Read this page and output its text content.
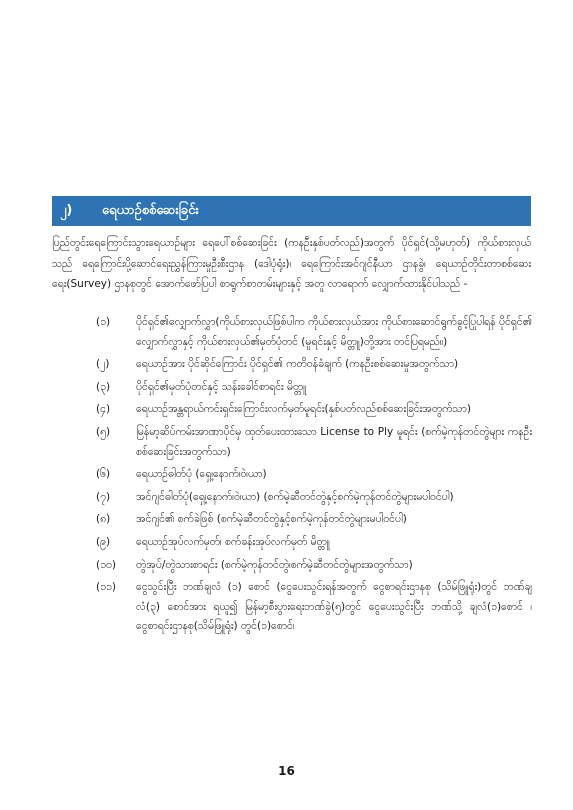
၂)	ရေယာဉ်စစ်ဆေးခြင်း

ပြည်တွင်းရေကြောင်းသွားရေယာဉ်များ ရေပေါ်စစ်ဆေးခြင်း (ကနဦးနှစ်ပတ်လည်)အတွက် ပိုင်ရှင်(သို့မဟုတ်) ကိုယ်စားလှယ်သည် ရေကြောင်းပို့ဆောင်ရေးညွှန်ကြားမှုဦးစီးဌာန (ဒေါပုံရုံး)၊ ရေကြောင်းအင်ဂျင်နီယာ ဌာနခွဲ၊ ရေယာဉ်တိုင်းတာစစ်ဆေးရေး(Survey) ဌာနစုတွင် အောက်ဖော်ပြပါ စာရွက်စာတမ်းများနှင့် အတူ လာရောက် လျှောက်ထားနိုင်ပါသည် -

(၁)	ပိုင်ရှင်၏လျှောက်လွှာ(ကိုယ်စားလှယ်ဖြစ်ပါက ကိုယ်စားလှယ်အား ကိုယ်စားဆောင်ရွက်ခွင့်ပြုပါရန် ပိုင်ရှင်၏ လျှောက်လွှာနှင့် ကိုယ်စားလှယ်၏မှတ်ပုံတင် (မူရင်းနှင့် မိတ္တူ)တို့အား တင်ပြရမည်။)
(၂)	ရေယာဉ်အား ပိုင်ဆိုင်ကြောင်း ပိုင်ရှင်၏ ကတိဝန်ခံချက် (ကနဦးစစ်ဆေးမှုအတွက်သာ)
(၃)	ပိုင်ရှင်၏မှတ်ပုံတင်နှင့် သန်းခေါင်စာရင်း မိတ္တူ
(၄)	ရေယာဉ်အန္တရာယ်ကင်းရှင်းကြောင်းလက်မှတ်မူရင်း(နှစ်ပတ်လည်စစ်ဆေးခြင်းအတွက်သာ)
(၅)	မြန်မာ့ဆိပ်ကမ်းအာဏာပိုင်မှ ထုတ်ပေးထားသော License to Ply မူရင်း (စက်မဲ့ကုန်တင်တွဲများ ကနဦးစစ်ဆေးခြင်းအတွက်သာ)
(၆)	ရေယာဉ်ဓါတ်ပုံ (ရှေ့၊နောက်၊ဝဲ၊ယာ)
(၇)	အင်ဂျင်ဓါတ်ပုံ(ရှေ့၊နောက်၊ဝဲ၊ယာ) (စက်မဲ့ဆီတင်တွဲနှင့်စက်မဲ့ကုန်တင်တွဲများမပါဝင်ပါ)
(၈)	အင်ဂျင်၏ စက်ခဲဖြစ် (စက်မဲ့ဆီတင်တွဲနှင့်စက်မဲ့ကုန်တင်တွဲများမပါဝင်ပါ)
(၉)	ရေယာဉ်အုပ်လက်မှတ်၊ စက်ခန်းအုပ်လက်မှတ် မိတ္တူ
(၁၀)	တွဲအုပ်/တွဲသားစာရင်း (စက်မဲ့ကုန်တင်တွဲ၊စက်မဲ့ဆီတင်တွဲများအတွက်သာ)
(၁၁)	ငွေသွင်းပြီး ဘဏ်ချလံ (၁) စောင် (ငွေပေးသွင်းရန်အတွက် ငွေစာရင်းဌာနစု (သိမ်ဖြူရုံး)တွင် ဘဏ်ချလံ(၃) စောင်အား ရယူ၍ မြန်မာ့စီးပွားရေးဘဏ်ခွဲ(၅)တွင် ငွေပေးသွင်းပြီး ဘဏ်သို့ ချလံ(၁)စောင် ၊ ငွေစာရင်းဌာနစု(သိမ်ဖြူရုံး) တွင်(၁)စောင်၊
16
